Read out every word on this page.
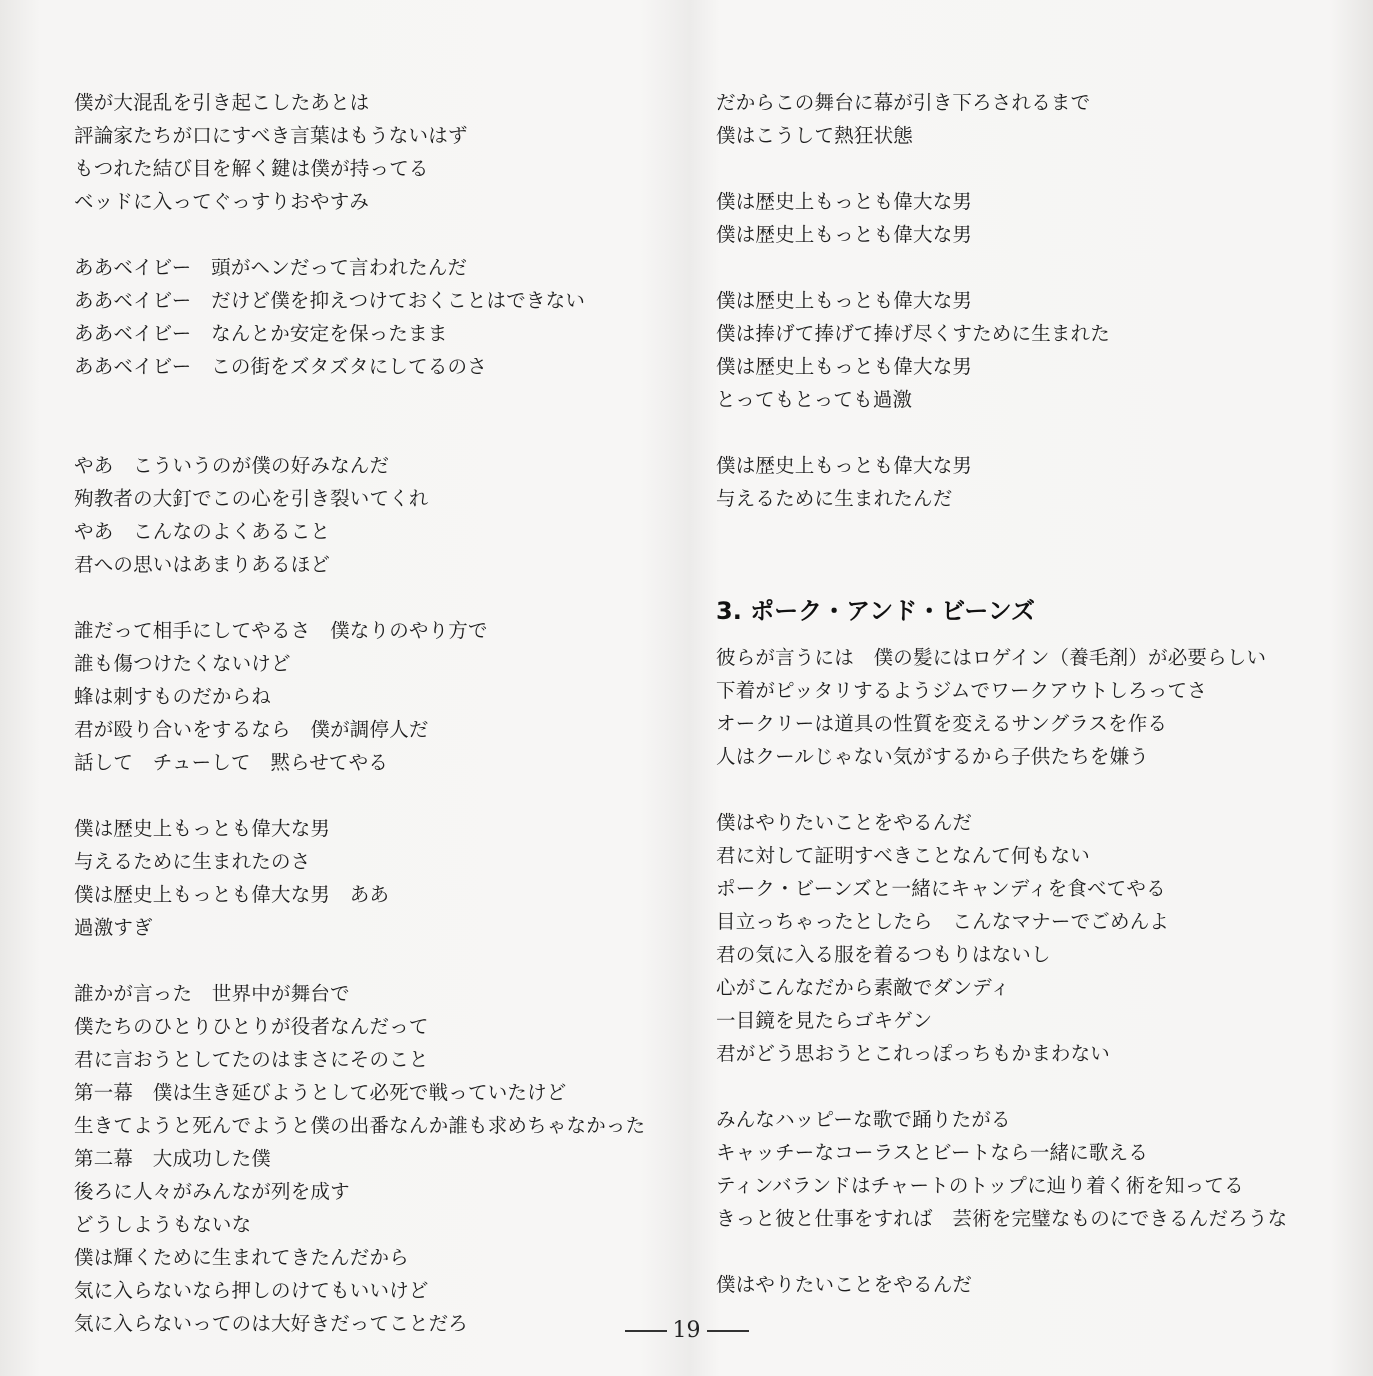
僕が大混乱を引き起こしたあとは
評論家たちが口にすべき言葉はもうないはず
もつれた結び目を解く鍵は僕が持ってる
ベッドに入ってぐっすりおやすみ
ああベイビー　頭がヘンだって言われたんだ
ああベイビー　だけど僕を抑えつけておくことはできない
ああベイビー　なんとか安定を保ったまま
ああベイビー　この街をズタズタにしてるのさ
やあ　こういうのが僕の好みなんだ
殉教者の大釘でこの心を引き裂いてくれ
やあ　こんなのよくあること
君への思いはあまりあるほど
誰だって相手にしてやるさ　僕なりのやり方で
誰も傷つけたくないけど
蜂は刺すものだからね
君が殴り合いをするなら　僕が調停人だ
話して　チューして　黙らせてやる
僕は歴史上もっとも偉大な男
与えるために生まれたのさ
僕は歴史上もっとも偉大な男　ああ
過激すぎ
誰かが言った　世界中が舞台で
僕たちのひとりひとりが役者なんだって
君に言おうとしてたのはまさにそのこと
第一幕　僕は生き延びようとして必死で戦っていたけど
生きてようと死んでようと僕の出番なんか誰も求めちゃなかった
第二幕　大成功した僕
後ろに人々がみんなが列を成す
どうしようもないな
僕は輝くために生まれてきたんだから
気に入らないなら押しのけてもいいけど
気に入らないってのは大好きだってことだろ
だからこの舞台に幕が引き下ろされるまで
僕はこうして熱狂状態
僕は歴史上もっとも偉大な男
僕は歴史上もっとも偉大な男
僕は歴史上もっとも偉大な男
僕は捧げて捧げて捧げ尽くすために生まれた
僕は歴史上もっとも偉大な男
とってもとっても過激
僕は歴史上もっとも偉大な男
与えるために生まれたんだ
3. ポーク・アンド・ビーンズ
彼らが言うには　僕の髪にはロゲイン（養毛剤）が必要らしい
下着がピッタリするようジムでワークアウトしろってさ
オークリーは道具の性質を変えるサングラスを作る
人はクールじゃない気がするから子供たちを嫌う
僕はやりたいことをやるんだ
君に対して証明すべきことなんて何もない
ポーク・ビーンズと一緒にキャンディを食べてやる
目立っちゃったとしたら　こんなマナーでごめんよ
君の気に入る服を着るつもりはないし
心がこんなだから素敵でダンディ
一目鏡を見たらゴキゲン
君がどう思おうとこれっぽっちもかまわない
みんなハッピーな歌で踊りたがる
キャッチーなコーラスとビートなら一緒に歌える
ティンバランドはチャートのトップに辿り着く術を知ってる
きっと彼と仕事をすれば　芸術を完璧なものにできるんだろうな
僕はやりたいことをやるんだ
19
